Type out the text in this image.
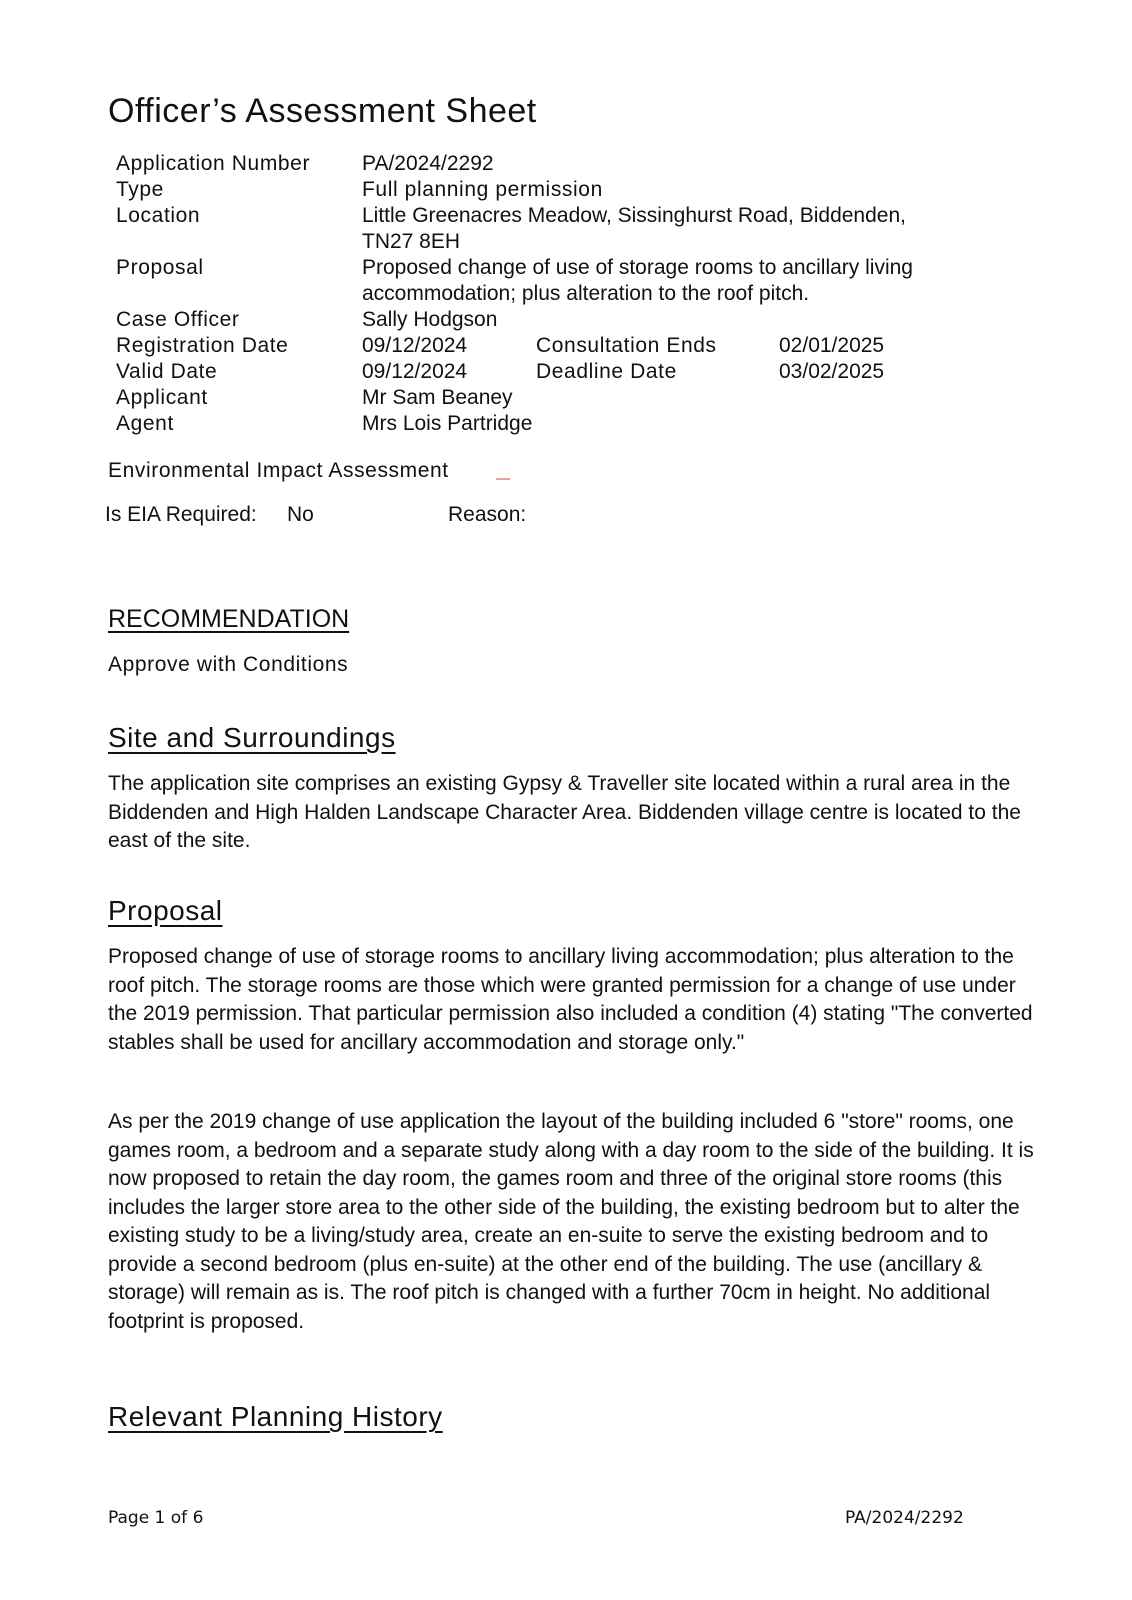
Officer’s Assessment Sheet
Application Number	PA/2024/2292		
Type	Full planning permission		
Location	Little Greenacres Meadow, Sissinghurst Road, Biddenden, TN27 8EH		
Proposal	Proposed change of use of storage rooms to ancillary living accommodation; plus alteration to the roof pitch.		
Case Officer	Sally Hodgson		
Registration Date	09/12/2024	Consultation Ends	02/01/2025
Valid Date	09/12/2024	Deadline Date	03/02/2025
Applicant	Mr Sam Beaney		
Agent	Mrs Lois Partridge		
Environmental Impact Assessment
Is EIA Required: No	Reason:
RECOMMENDATION
Approve with Conditions
Site and Surroundings

The application site comprises an existing Gypsy & Traveller site located within a rural area in the Biddenden and High Halden Landscape Character Area. Biddenden village centre is located to the east of the site.

Proposal

Proposed change of use of storage rooms to ancillary living accommodation; plus alteration to the roof pitch. The storage rooms are those which were granted permission for a change of use under the 2019 permission. That particular permission also included a condition (4) stating "The converted stables shall be used for ancillary accommodation and storage only."

As per the 2019 change of use application the layout of the building included 6 "store" rooms, one games room, a bedroom and a separate study along with a day room to the side of the building. It is now proposed to retain the day room, the games room and three of the original store rooms (this includes the larger store area to the other side of the building, the existing bedroom but to alter the existing study to be a living/study area, create an en-suite to serve the existing bedroom and to provide a second bedroom (plus en-suite) at the other end of the building. The use (ancillary & storage) will remain as is. The roof pitch is changed with a further 70cm in height. No additional footprint is proposed.

Relevant Planning History
Page 1 of 6	PA/2024/2292
